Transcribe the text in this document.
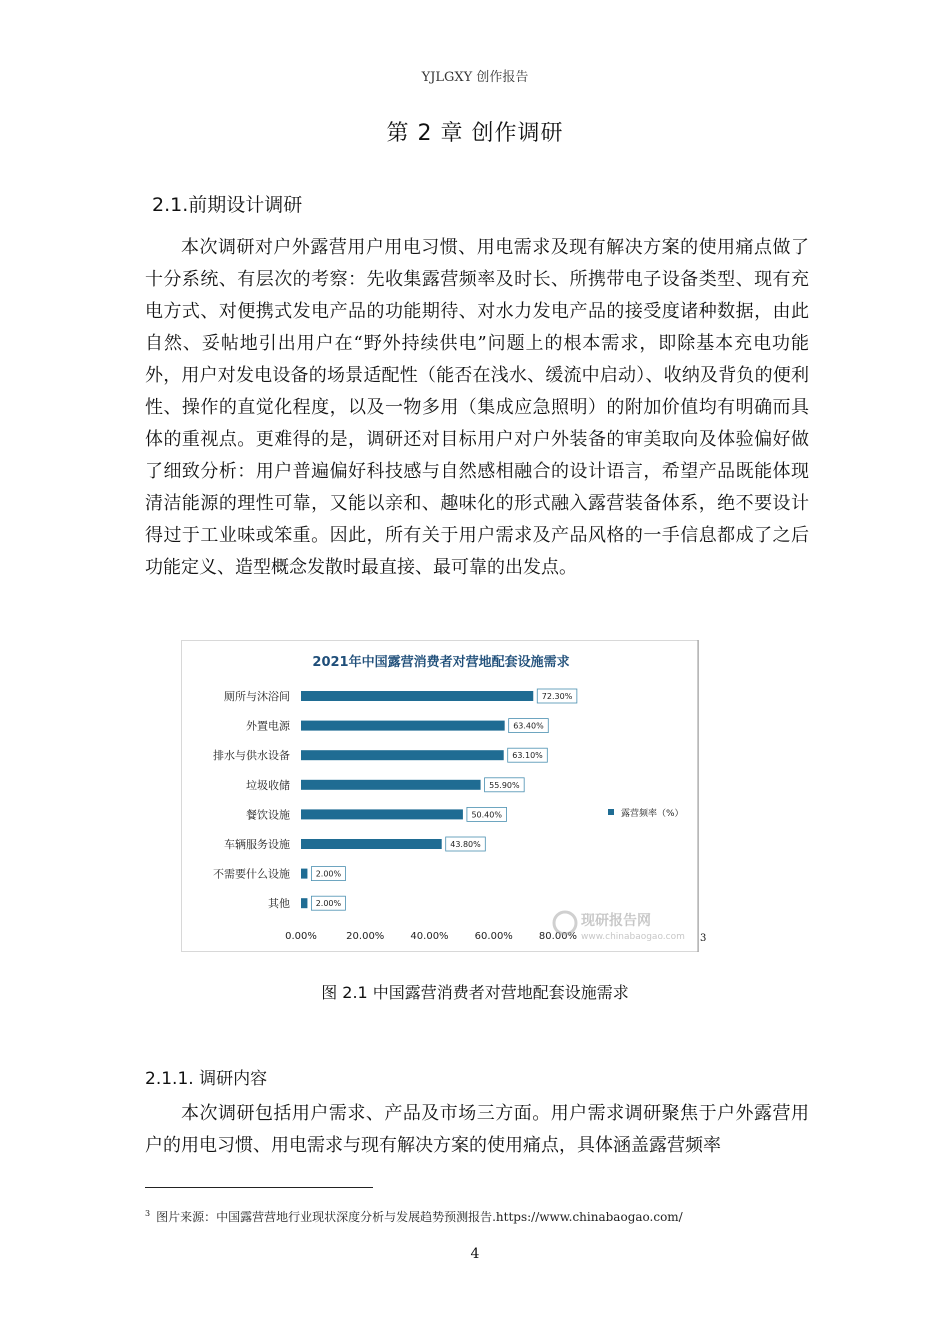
YJLGXY 创作报告
第 2 章 创作调研
2.1.前期设计调研

本次调研对户外露营用户用电习惯、用电需求及现有解决方案的使用痛点做了十分系统、有层次的考察：先收集露营频率及时长、所携带电子设备类型、现有充电方式、对便携式发电产品的功能期待、对水力发电产品的接受度诸种数据，由此自然、妥帖地引出用户在“野外持续供电”问题上的根本需求，即除基本充电功能外，用户对发电设备的场景适配性（能否在浅水、缓流中启动）、收纳及背负的便利性、操作的直觉化程度，以及一物多用（集成应急照明）的附加价值均有明确而具体的重视点。更难得的是，调研还对目标用户对户外装备的审美取向及体验偏好做了细致分析：用户普遍偏好科技感与自然感相融合的设计语言，希望产品既能体现清洁能源的理性可靠，又能以亲和、趣味化的形式融入露营装备体系，绝不要设计得过于工业味或笨重。因此，所有关于用户需求及产品风格的一手信息都成了之后功能定义、造型概念发散时最直接、最可靠的出发点。

2021年中国露营消费者对营地配套设施需求
厕所与沐浴间	72.30%
外置电源	63.40%
排水与供水设备	63.10%
垃圾收储	55.90%
餐饮设施	50.40%
车辆服务设施	43.80%
不需要什么设施	2.00%
其他	2.00%
0.00%	20.00%	40.00%	60.00%	80.00%
露营频率（%）
现研报告网
www.chinabaogao.com 3
图 2.1 中国露营消费者对营地配套设施需求
2.1.1. 调研内容

本次调研包括用户需求、产品及市场三方面。用户需求调研聚焦于户外露营用户的用电习惯、用电需求与现有解决方案的使用痛点，具体涵盖露营频率

$^3$ 图片来源：中国露营营地行业现状深度分析与发展趋势预测报告.https://www.chinabaogao.com/
4
